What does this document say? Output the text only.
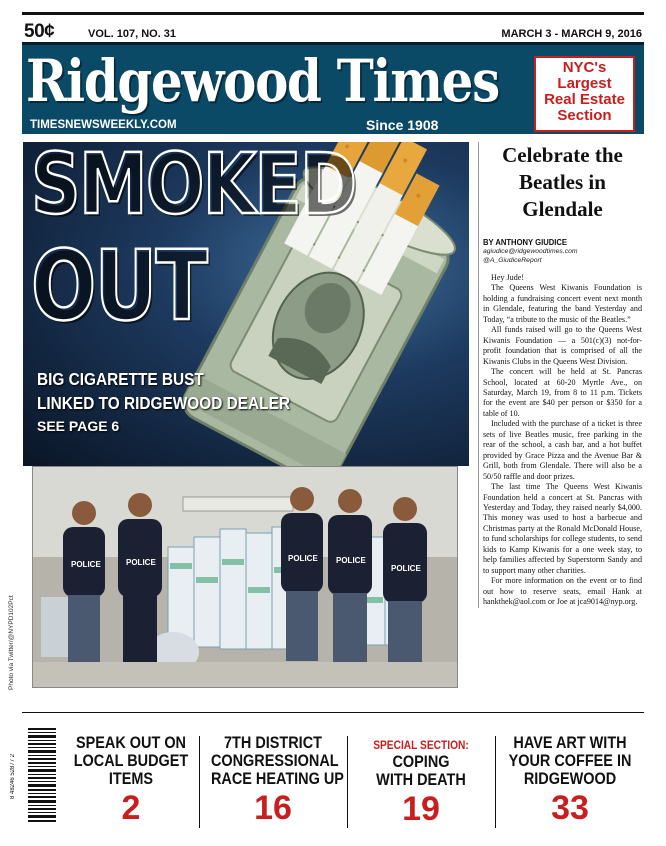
50¢	VOL. 107, NO. 31	MARCH 3 - MARCH 9, 2016
Ridgewood Times
TIMESNEWSWEEKLY.COM	Since 1908
NYC's
Largest
Real Estate
Section
SMOKED
OUT
BIG CIGARETTE BUST
LINKED TO RIDGEWOOD DEALER
SEE PAGE 6
POLICE	POLICE	POLICE POLICE
POLICE
Photo via Twitter/@NYPD102Pct
Celebrate the Beatles in Glendale
BY ANTHONY GIUDICE
agiudice@ridgewoodtimes.com
@A_GiudiceReport

Hey Jude!

The Queens West Kiwanis Foundation is holding a fundraising concert event next month in Glendale, featuring the band Yesterday and Today, “a tribute to the music of the Beatles.”

All funds raised will go to the Queens West Kiwanis Foundation — a 501(c)(3) not-for-profit foundation that is comprised of all the Kiwanis Clubs in the Queens West Division.

The concert will be held at St. Pancras School, located at 60-20 Myrtle Ave., on Saturday, March 19, from 8 to 11 p.m. Tickets for the event are $40 per person or $350 for a table of 10.

Included with the purchase of a ticket is three sets of live Beatles music, free parking in the rear of the school, a cash bar, and a hot buffet provided by Grace Pizza and the Avenue Bar & Grill, both from Glendale. There will also be a 50/50 raffle and door prizes.

The last time The Queens West Kiwanis Foundation held a concert at St. Pancras with Yesterday and Today, they raised nearly $4,000. This money was used to host a barbecue and Christmas party at the Ronald McDonald House, to fund scholarships for college students, to send kids to Kamp Kiwanis for a one week stay, to help families affected by Superstorm Sandy and to support many other charities.

For more information on the event or to find out how to reserve seats, email Hank at hankthek@aol.com or Joe at jca9014@nyp.org.

8 48246 52877 2
SPEAK OUT ON
LOCAL BUDGET
ITEMS
2
7TH DISTRICT
CONGRESSIONAL
RACE HEATING UP
16
SPECIAL SECTION:
COPING
WITH DEATH
19
HAVE ART WITH
YOUR COFFEE IN
RIDGEWOOD
33
